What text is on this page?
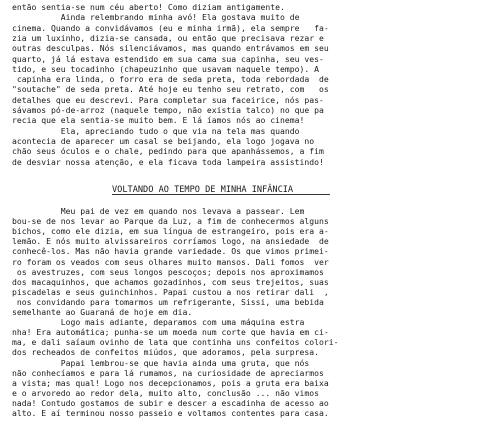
então sentia-se num céu aberto! Como diziam antigamente.
Ainda relembrando minha avó! Ela gostava muito de
cinema. Quando a convidávamos (eu e minha irmã), ela sempre   fa-
zia um luxinho, dizia-se cansada, ou então que precisava rezar e
outras desculpas. Nós silenciávamos, mas quando entrávamos em seu
quarto, já lá estava estendido em sua cama sua capinha, seu ves-
tido, e seu tocadinho (chapeuzinho que usavam naquele tempo). A
capinha era linda, o forro era de seda preta, toda rebordada  de
"soutache" de seda preta. Até hoje eu tenho seu retrato, com   os
detalhes que eu descrevi. Para completar sua faceirice, nós pas-
sávamos pó-de-arroz (naquele tempo, não existia talco) no que pa
recia que ela sentia-se muito bem. E lá íamos nós ao cinema!
Ela, apreciando tudo o que via na tela mas quando
acontecia de aparecer um casal se beijando, ela logo jogava no
chão seus óculos e o chale, pedindo para que apanhássemos, a fim
de desviar nossa atenção, e ela ficava toda lampeira assistindo!
VOLTANDO AO TEMPO DE MINHA INFÂNCIA
Meu pai de vez em quando nos levava a passear. Lem
bou-se de nos levar ao Parque da Luz, a fim de conhecermos alguns
bichos, como ele dizia, em sua língua de estrangeiro, pois era a-
lemão. E nós muito alvissareiros corríamos logo, na ansiedade  de
conhecê-los. Mas não havia grande variedade. Os que vimos primei-
ro foram os veados com seus olhares muito mansos. Dali fomos  ver
os avestruzes, com seus longos pescoços; depois nos aproximamos
dos macaquinhos, que achamos gozadinhos, com seus trejeitos, suas
piscadelas e seus guinchinhos. Papai custou a nos retirar dali  ,
nos convidando para tomarmos um refrigerante, Sissi, uma bebida
semelhante ao Guaraná de hoje em dia.
Logo mais adiante, deparamos com uma máquina estra
nha! Era automática; punha-se um moeda num corte que havia em ci-
ma, e dali saíaum ovinho de lata que continha uns confeitos colori-
dos recheados de confeitos miúdos, que adoramos, pela surpresa.
Papai lembrou-se que havia ainda uma gruta, que nós
não conhecíamos e para lá rumamos, na curiosidade de apreciarmos
a vista; mas qual! Logo nos decepcionamos, pois a gruta era baixa
e o arvoredo ao redor dela, muito alto, conclusão ... não vimos
nada! Contudo gostamos de subir e descer a escadinha de acesso ao
alto. E aí terminou nosso passeio e voltamos contentes para casa.
